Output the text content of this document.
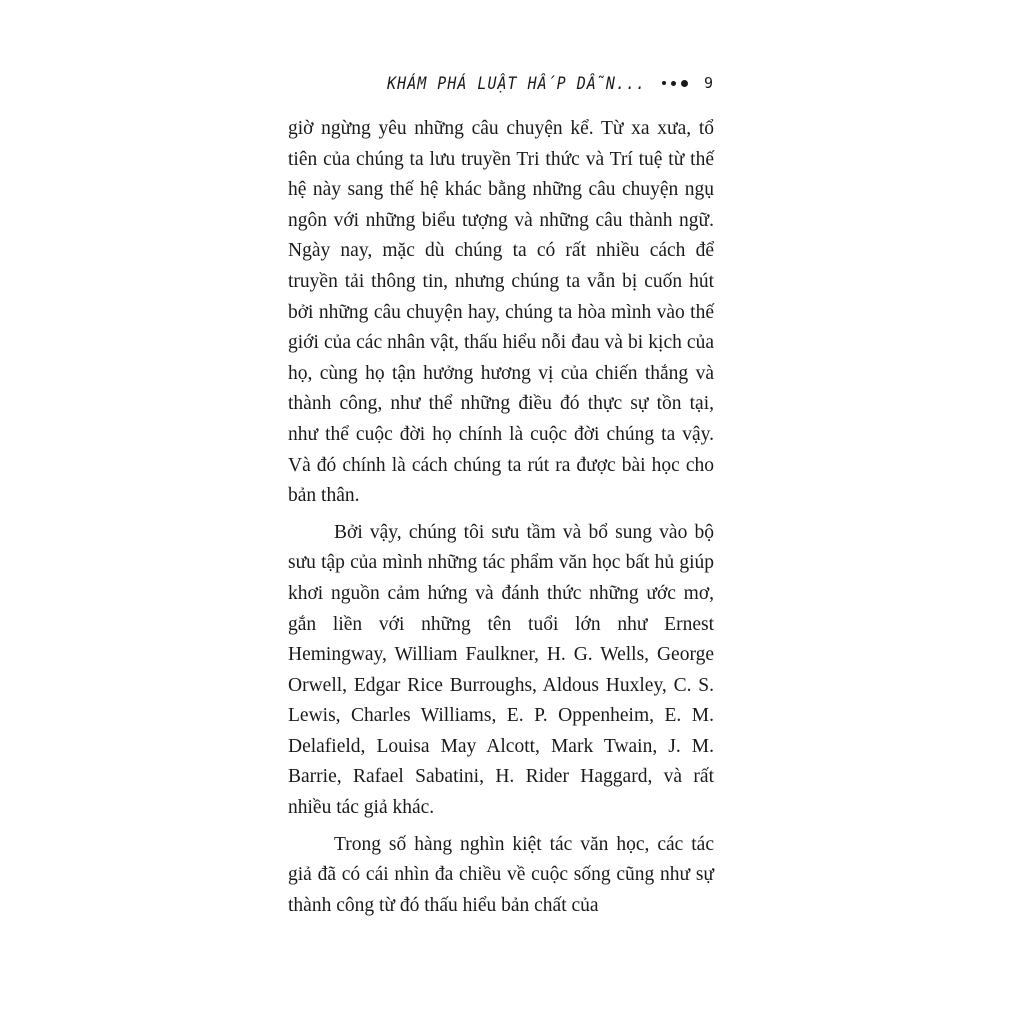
KHÁM PHÁ LUẬT HẤP DẪN...	9

giờ ngừng yêu những câu chuyện kể. Từ xa xưa, tổ tiên của chúng ta lưu truyền Tri thức và Trí tuệ từ thế hệ này sang thế hệ khác bằng những câu chuyện ngụ ngôn với những biểu tượng và những câu thành ngữ. Ngày nay, mặc dù chúng ta có rất nhiều cách để truyền tải thông tin, nhưng chúng ta vẫn bị cuốn hút bởi những câu chuyện hay, chúng ta hòa mình vào thế giới của các nhân vật, thấu hiểu nỗi đau và bi kịch của họ, cùng họ tận hưởng hương vị của chiến thắng và thành công, như thể những điều đó thực sự tồn tại, như thể cuộc đời họ chính là cuộc đời chúng ta vậy. Và đó chính là cách chúng ta rút ra được bài học cho bản thân.

Bởi vậy, chúng tôi sưu tầm và bổ sung vào bộ sưu tập của mình những tác phẩm văn học bất hủ giúp khơi nguồn cảm hứng và đánh thức những ước mơ, gắn liền với những tên tuổi lớn như Ernest Hemingway, William Faulkner, H. G. Wells, George Orwell, Edgar Rice Burroughs, Aldous Huxley, C. S. Lewis, Charles Williams, E. P. Oppenheim, E. M. Delafield, Louisa May Alcott, Mark Twain, J. M. Barrie, Rafael Sabatini, H. Rider Haggard, và rất nhiều tác giả khác.

Trong số hàng nghìn kiệt tác văn học, các tác giả đã có cái nhìn đa chiều về cuộc sống cũng như sự thành công từ đó thấu hiểu bản chất của
